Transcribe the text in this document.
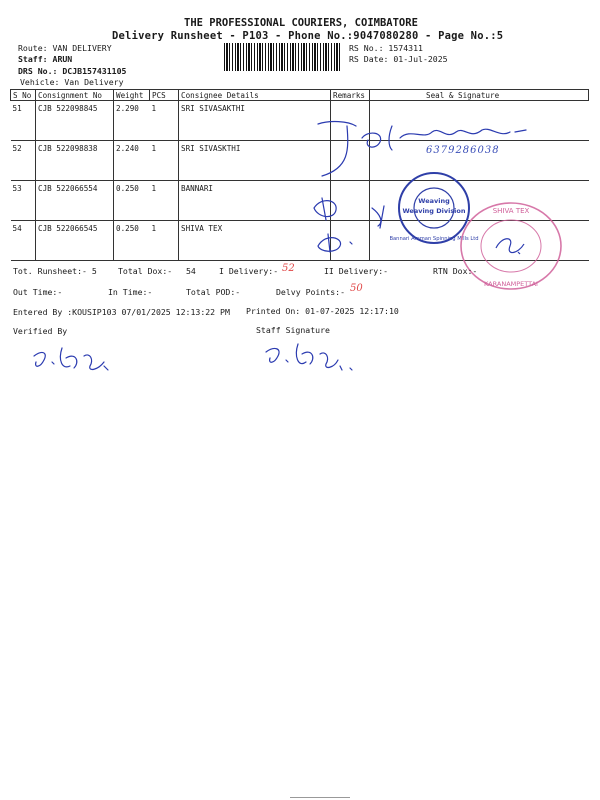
THE PROFESSIONAL COURIERS, COIMBATORE
Delivery Runsheet - P103 - Phone No.:9047080280 - Page No.:5
Route: VAN DELIVERY
Staff: ARUN
DRS No.: DCJB157431105
Vehicle: Van Delivery
RS No.: 1574311
RS Date: 01-Jul-2025
S No	Consignment No	Weight	PCS	Consignee Details	Remarks	Seal & Signature
51	CJB 522098845	2.290	1	SRI SIVASAKTHI		
52	CJB 522098838	2.240	1	SRI SIVASKTHI		
53	CJB 522066554	0.250	1	BANNARI		
54	CJB 522066545	0.250	1	SHIVA TEX		
6379286038
Weaving
Weaving Division
Bannari Amman Spinning Mills Ltd
SHIVA TEX
KARANAMPETTAI
Tot. Runsheet:- 5	Total Dox:- 54	I Delivery:- 52	II Delivery:-	RTN Dox:-
Out Time:-	In Time:-	Total POD:-	Delvy Points:- 50
Entered By :KOUSIP103 07/01/2025 12:13:22 PM Printed On: 01-07-2025 12:17:10
Verified By	Staff Signature
